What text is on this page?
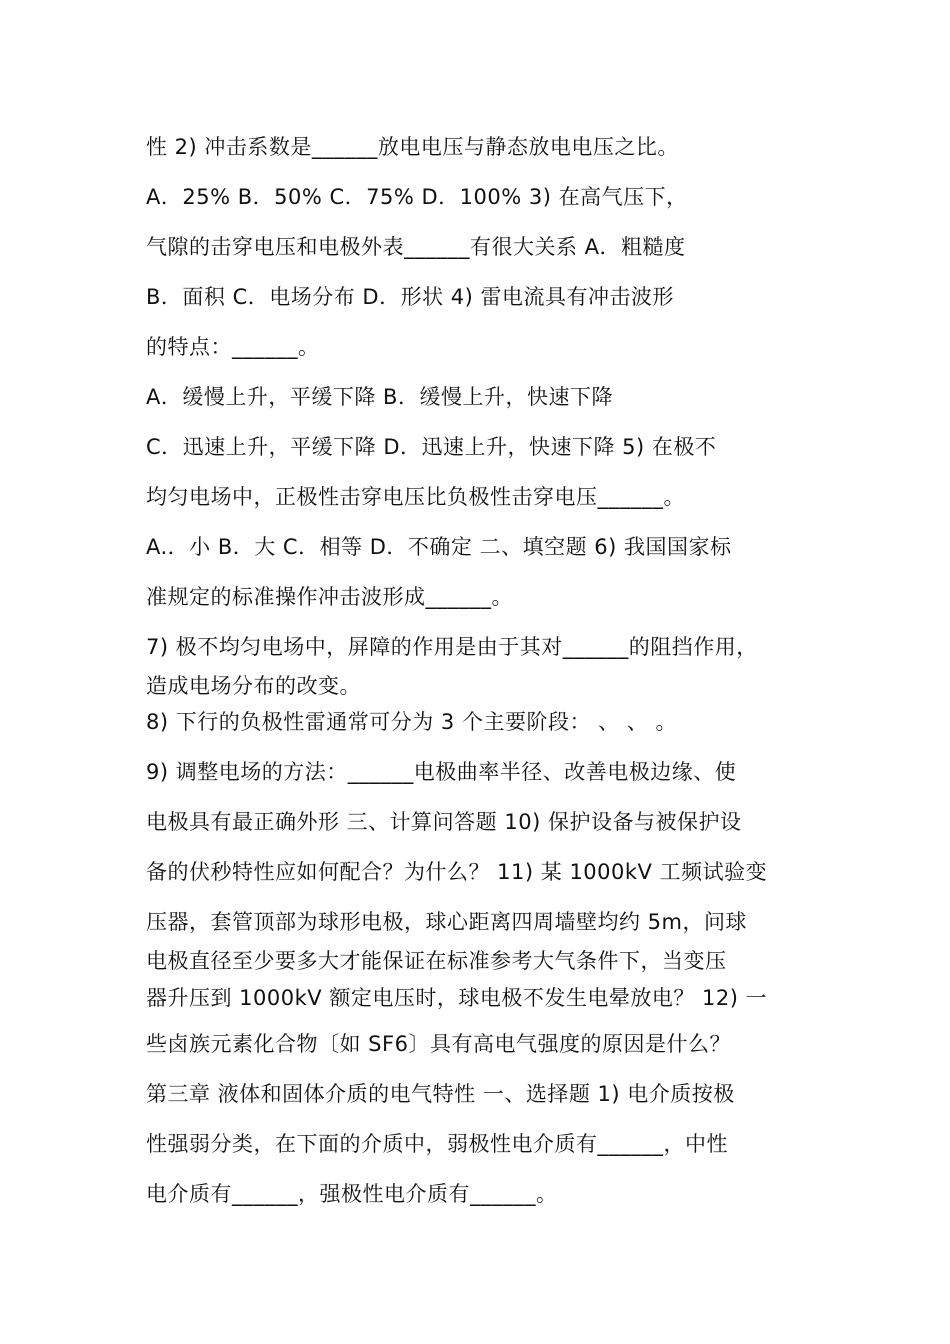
性 2) 冲击系数是______放电电压与静态放电电压之比。
A．25% B．50% C．75% D．100% 3) 在高气压下，
气隙的击穿电压和电极外表______有很大关系 A．粗糙度
B．面积 C．电场分布 D．形状 4) 雷电流具有冲击波形
的特点：______。
A．缓慢上升，平缓下降 B．缓慢上升，快速下降
C．迅速上升，平缓下降 D．迅速上升，快速下降 5) 在极不
均匀电场中，正极性击穿电压比负极性击穿电压______。
A.．小 B．大 C．相等 D．不确定 二、填空题 6) 我国国家标
准规定的标准操作冲击波形成______。
7) 极不均匀电场中，屏障的作用是由于其对______的阻挡作用，
造成电场分布的改变。
8) 下行的负极性雷通常可分为 3 个主要阶段： 、 、 。
9) 调整电场的方法：______电极曲率半径、改善电极边缘、使
电极具有最正确外形 三、计算问答题 10) 保护设备与被保护设
备的伏秒特性应如何配合？为什么？ 11) 某 1000kV 工频试验变
压器，套管顶部为球形电极，球心距离四周墙壁均约 5m，问球
电极直径至少要多大才能保证在标准参考大气条件下，当变压
器升压到 1000kV 额定电压时，球电极不发生电晕放电？ 12) 一
些卤族元素化合物〔如 SF6〕具有高电气强度的原因是什么？
第三章 液体和固体介质的电气特性 一、选择题 1) 电介质按极
性强弱分类，在下面的介质中，弱极性电介质有______，中性
电介质有______，强极性电介质有______。
